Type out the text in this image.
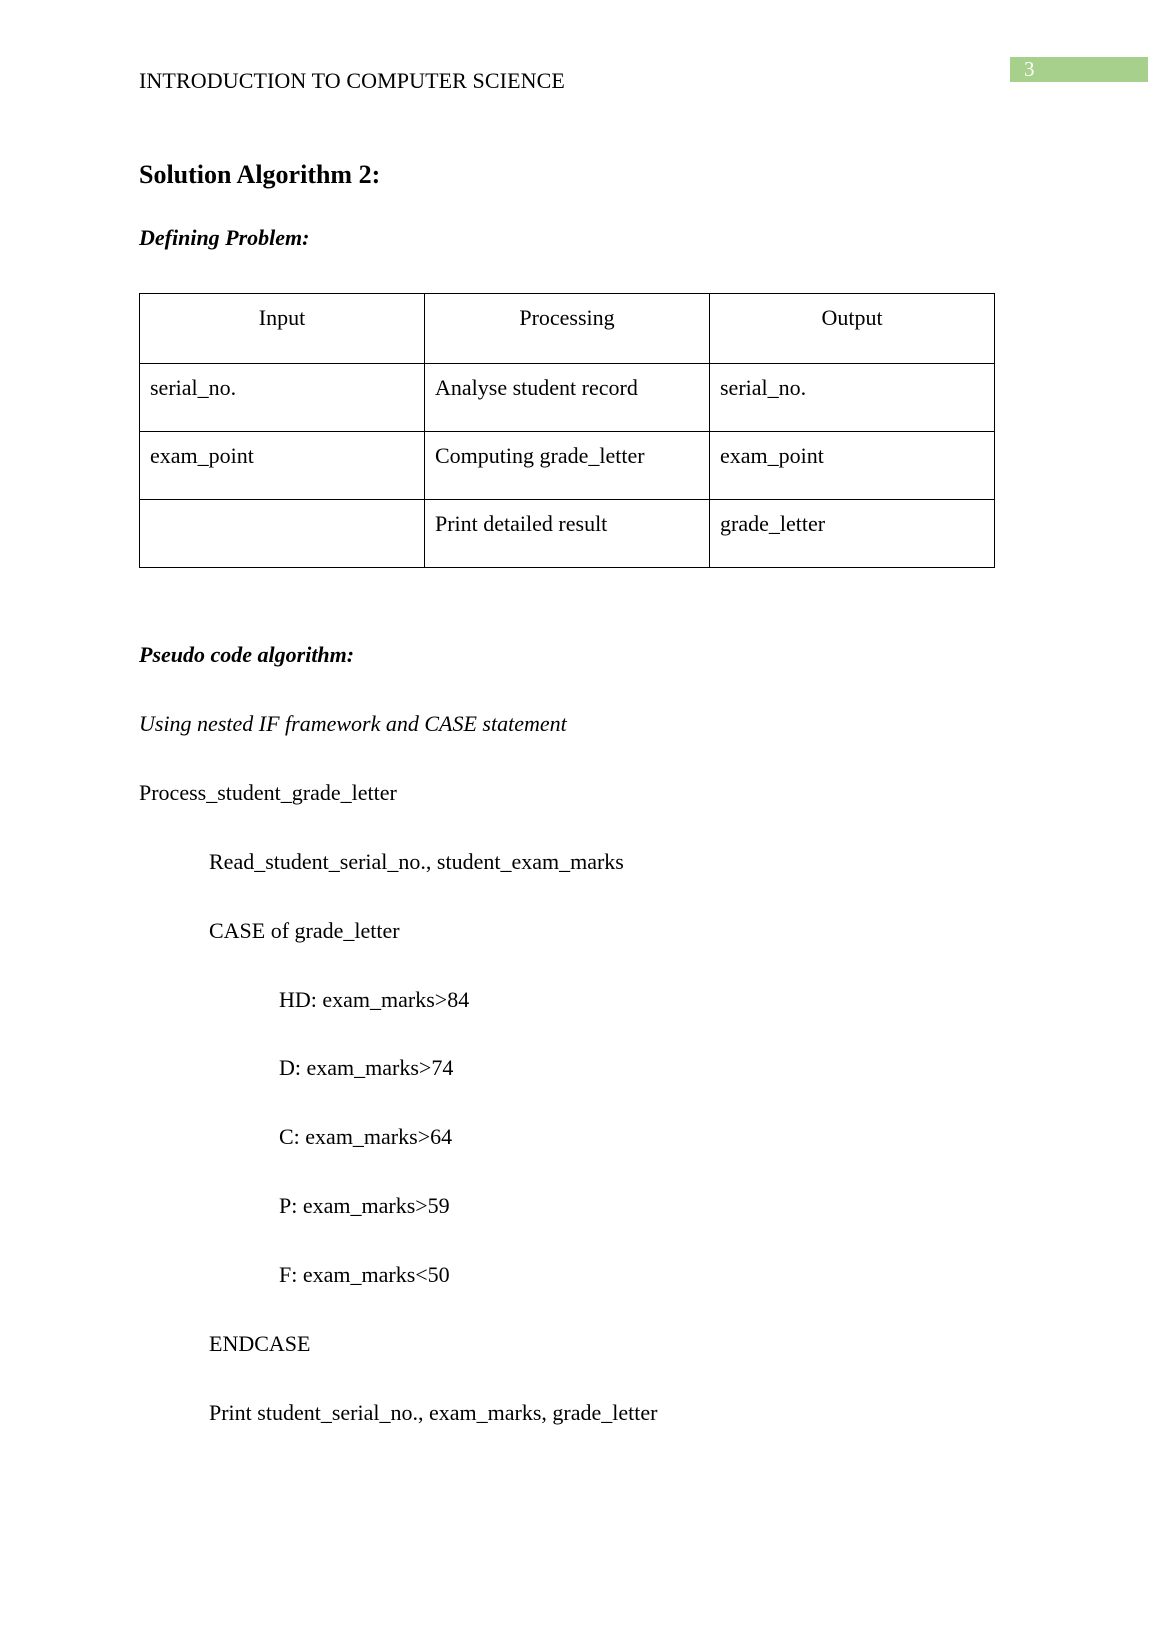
3
INTRODUCTION TO COMPUTER SCIENCE
Solution Algorithm 2:
Defining Problem:
Input	Processing	Output
serial_no.	Analyse student record	serial_no.
exam_point	Computing grade_letter	exam_point
	Print detailed result	grade_letter
Pseudo code algorithm:
Using nested IF framework and CASE statement
Process_student_grade_letter
Read_student_serial_no., student_exam_marks
CASE of grade_letter
HD: exam_marks>84
D: exam_marks>74
C: exam_marks>64
P: exam_marks>59
F: exam_marks<50
ENDCASE
Print student_serial_no., exam_marks, grade_letter
